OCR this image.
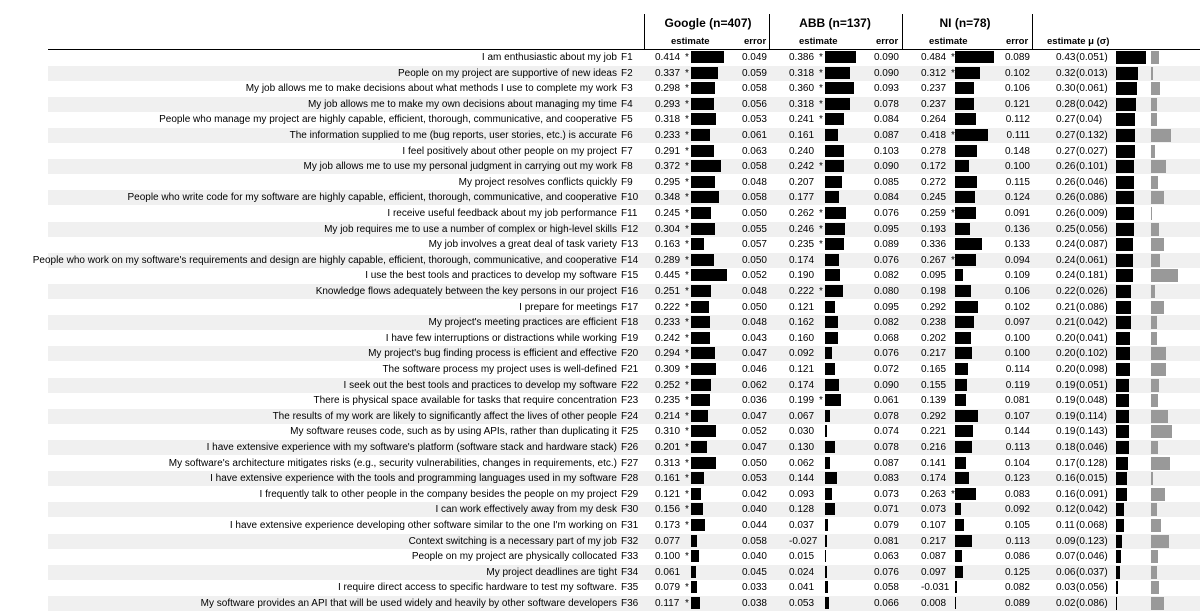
Google (n=407)	ABB (n=137)	NI (n=78)
estimate	error	estimate	error	estimate	error estimate μ (σ)
I am enthusiastic about my job F1 0.414 *	0.049 0.386 *	0.090 0.484 *	0.089	0.43 (0.051)
People on my project are supportive of new ideas F2 0.337 *	0.059 0.318 *	0.090 0.312 *	0.102	0.32 (0.013)
My job allows me to make decisions about what methods I use to complete my work F3 0.298 *	0.058 0.360 *	0.093 0.237	0.106	0.30 (0.061)
My job allows me to make my own decisions about managing my time F4 0.293 *	0.056 0.318 *	0.078 0.237	0.121	0.28 (0.042)
People who manage my project are highly capable, efficient, thorough, communicative, and cooperative F5 0.318 *	0.053 0.241 *	0.084 0.264	0.112	0.27 (0.04)
The information supplied to me (bug reports, user stories, etc.) is accurate F6 0.233 *	0.061 0.161	0.087 0.418 *	0.111	0.27 (0.132)
I feel positively about other people on my project F7 0.291 *	0.063 0.240	0.103 0.278	0.148	0.27 (0.027)
My job allows me to use my personal judgment in carrying out my work F8 0.372 *	0.058 0.242 *	0.090 0.172	0.100	0.26 (0.101)
My project resolves conflicts quickly F9 0.295 *	0.048 0.207	0.085 0.272	0.115	0.26 (0.046)
People who write code for my software are highly capable, efficient, thorough, communicative, and cooperative F10 0.348 *	0.058 0.177	0.084 0.245	0.124	0.26 (0.086)
I receive useful feedback about my job performance F11 0.245 *	0.050 0.262 *	0.076 0.259 *	0.091	0.26 (0.009)
My job requires me to use a number of complex or high-level skills F12 0.304 *	0.055 0.246 *	0.095 0.193	0.136	0.25 (0.056)
My job involves a great deal of task variety F13 0.163 *	0.057 0.235 *	0.089 0.336	0.133	0.24 (0.087)
People who work on my software's requirements and design are highly capable, efficient, thorough, communicative, and cooperative F14 0.289 *	0.050 0.174	0.076 0.267 *	0.094	0.24 (0.061)
I use the best tools and practices to develop my software F15 0.445 *	0.052 0.190	0.082 0.095	0.109	0.24 (0.181)
Knowledge flows adequately between the key persons in our project F16 0.251 *	0.048 0.222 *	0.080 0.198	0.106	0.22 (0.026)
I prepare for meetings F17 0.222 *	0.050 0.121	0.095 0.292	0.102	0.21 (0.086)
My project's meeting practices are efficient F18 0.233 *	0.048 0.162	0.082 0.238	0.097	0.21 (0.042)
I have few interruptions or distractions while working F19 0.242 *	0.043 0.160	0.068 0.202	0.100	0.20 (0.041)
My project's bug finding process is efficient and effective F20 0.294 *	0.047 0.092	0.076 0.217	0.100	0.20 (0.102)
The software process my project uses is well-defined F21 0.309 *	0.046 0.121	0.072 0.165	0.114	0.20 (0.098)
I seek out the best tools and practices to develop my software F22 0.252 *	0.062 0.174	0.090 0.155	0.119	0.19 (0.051)
There is physical space available for tasks that require concentration F23 0.235 *	0.036 0.199 *	0.061 0.139	0.081	0.19 (0.048)
The results of my work are likely to significantly affect the lives of other people F24 0.214 *	0.047 0.067	0.078 0.292	0.107	0.19 (0.114)
My software reuses code, such as by using APIs, rather than duplicating it F25 0.310 *	0.052 0.030	0.074 0.221	0.144	0.19 (0.143)
I have extensive experience with my software's platform (software stack and hardware stack) F26 0.201 *	0.047 0.130	0.078 0.216	0.113	0.18 (0.046)
My software's architecture mitigates risks (e.g., security vulnerabilities, changes in requirements, etc.) F27 0.313 *	0.050 0.062	0.087 0.141	0.104	0.17 (0.128)
I have extensive experience with the tools and programming languages used in my software F28 0.161 *	0.053 0.144	0.083 0.174	0.123	0.16 (0.015)
I frequently talk to other people in the company besides the people on my project F29 0.121 *	0.042 0.093	0.073 0.263 *	0.083	0.16 (0.091)
I can work effectively away from my desk F30 0.156 *	0.040 0.128	0.071 0.073	0.092	0.12 (0.042)
I have extensive experience developing other software similar to the one I'm working on F31 0.173 *	0.044 0.037	0.079 0.107	0.105	0.11 (0.068)
Context switching is a necessary part of my job F32 0.077	0.058 -0.027	0.081 0.217	0.113	0.09 (0.123)
People on my project are physically collocated F33 0.100 *	0.040 0.015	0.063 0.087	0.086	0.07 (0.046)
My project deadlines are tight F34 0.061	0.045 0.024	0.076 0.097	0.125	0.06 (0.037)
I require direct access to specific hardware to test my software. F35 0.079 *	0.033 0.041	0.058 -0.031	0.082	0.03 (0.056)
My software provides an API that will be used widely and heavily by other software developers F36 0.117 *	0.038 0.053	0.066 0.008	0.089	0.02 (0.086)
